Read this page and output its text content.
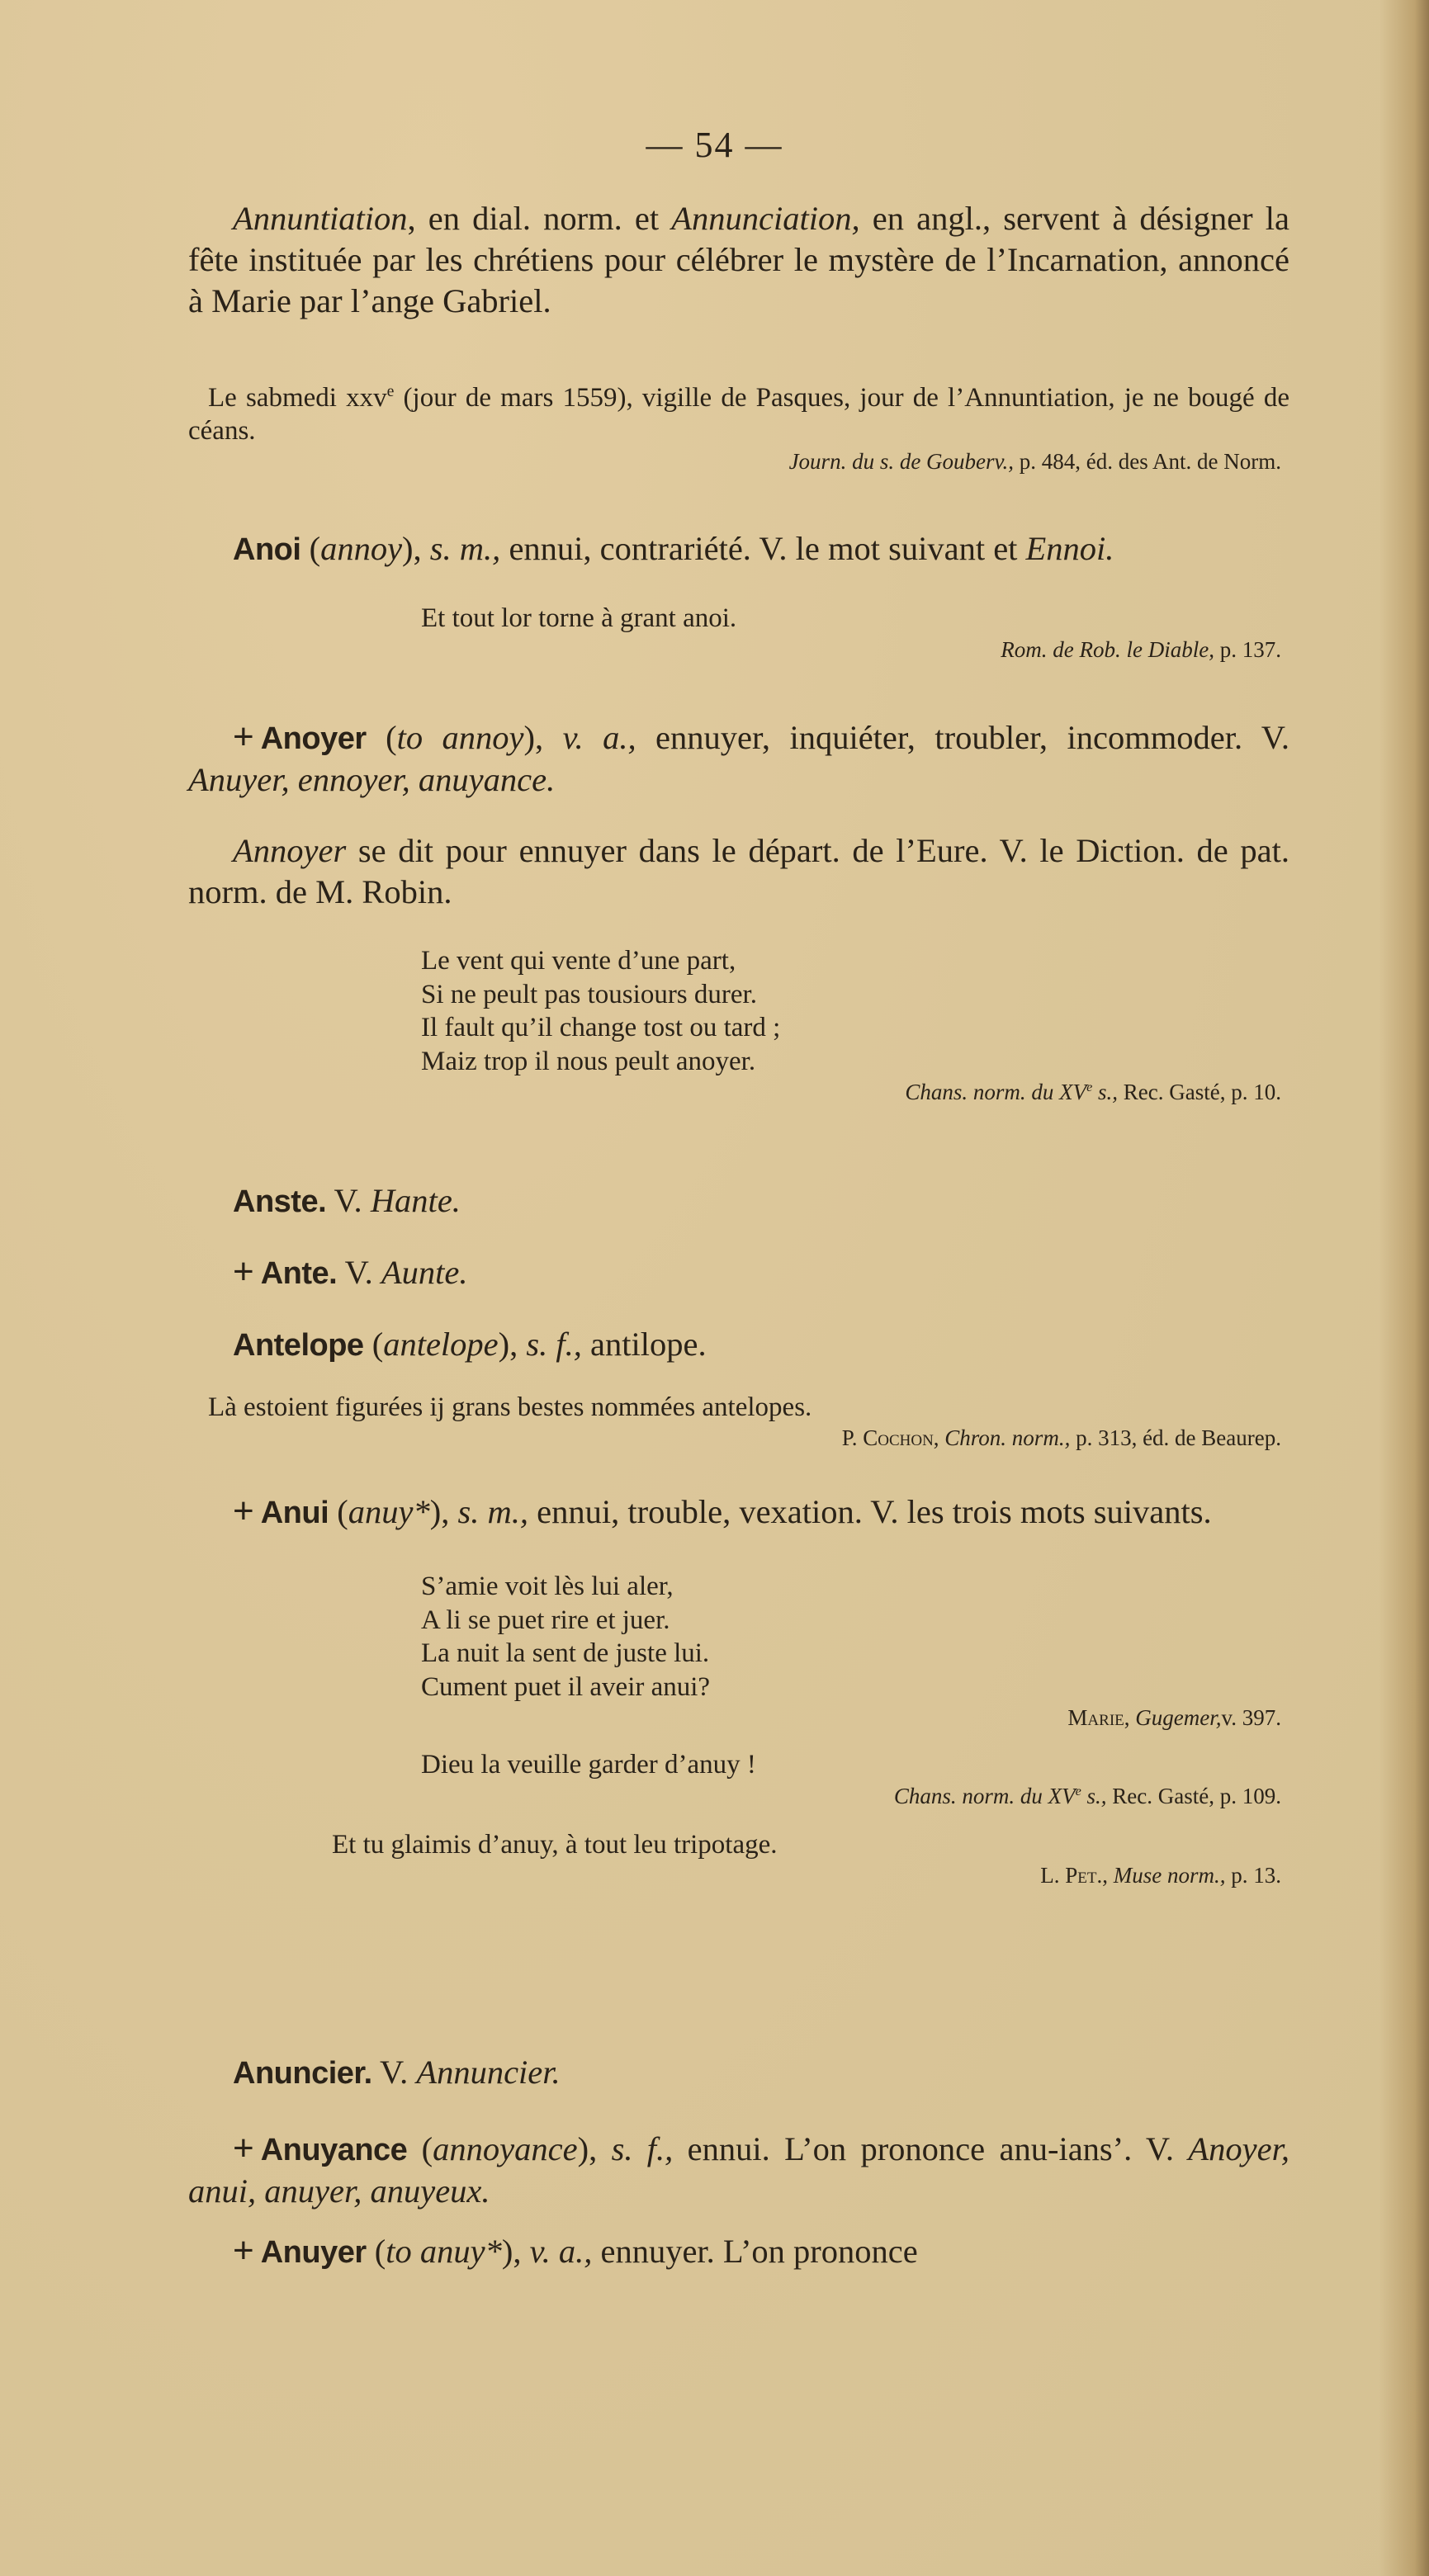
— 54 —

Annuntiation, en dial. norm. et Annunciation, en angl., servent à désigner la fête instituée par les chrétiens pour célébrer le mystère de l’Incarnation, annoncé à Marie par l’ange Gabriel.

Le sabmedi xxv$^e$ (jour de mars 1559), vigille de Pasques, jour de l’Annuntiation, je ne bougé de céans.

Journ. du s. de Gouberv., p. 484, éd. des Ant. de Norm.

Anoi (annoy), s. m., ennui, contrariété. V. le mot suivant et Ennoi.

Et tout lor torne à grant anoi.

Rom. de Rob. le Diable, p. 137.

+ Anoyer (to annoy), v. a., ennuyer, inquiéter, troubler, incommoder. V. Anuyer, ennoyer, anuyance.

Annoyer se dit pour ennuyer dans le départ. de l’Eure. V. le Diction. de pat. norm. de M. Robin.

Le vent qui vente d’une part,

Si ne peult pas tousiours durer.

Il fault qu’il change tost ou tard ;

Maiz trop il nous peult anoyer.

Chans. norm. du XVe s., Rec. Gasté, p. 10.

Anste. V. Hante.

+ Ante. V. Aunte.

Antelope (antelope), s. f., antilope.

Là estoient figurées ij grans bestes nommées antelopes.

P. Cochon, Chron. norm., p. 313, éd. de Beaurep.

+ Anui (anuy*), s. m., ennui, trouble, vexation. V. les trois mots suivants.

S’amie voit lès lui aler,

A li se puet rire et juer.

La nuit la sent de juste lui.

Cument puet il aveir anui?

Marie, Gugemer,v. 397.

Dieu la veuille garder d’anuy !

Chans. norm. du XVe s., Rec. Gasté, p. 109.

Et tu glaimis d’anuy, à tout leu tripotage.

L. Pet., Muse norm., p. 13.

Anuncier. V. Annuncier.

+ Anuyance (annoyance), s. f., ennui. L’on prononce anu-ians’. V. Anoyer, anui, anuyer, anuyeux.

+ Anuyer (to anuy*), v. a., ennuyer. L’on prononce
